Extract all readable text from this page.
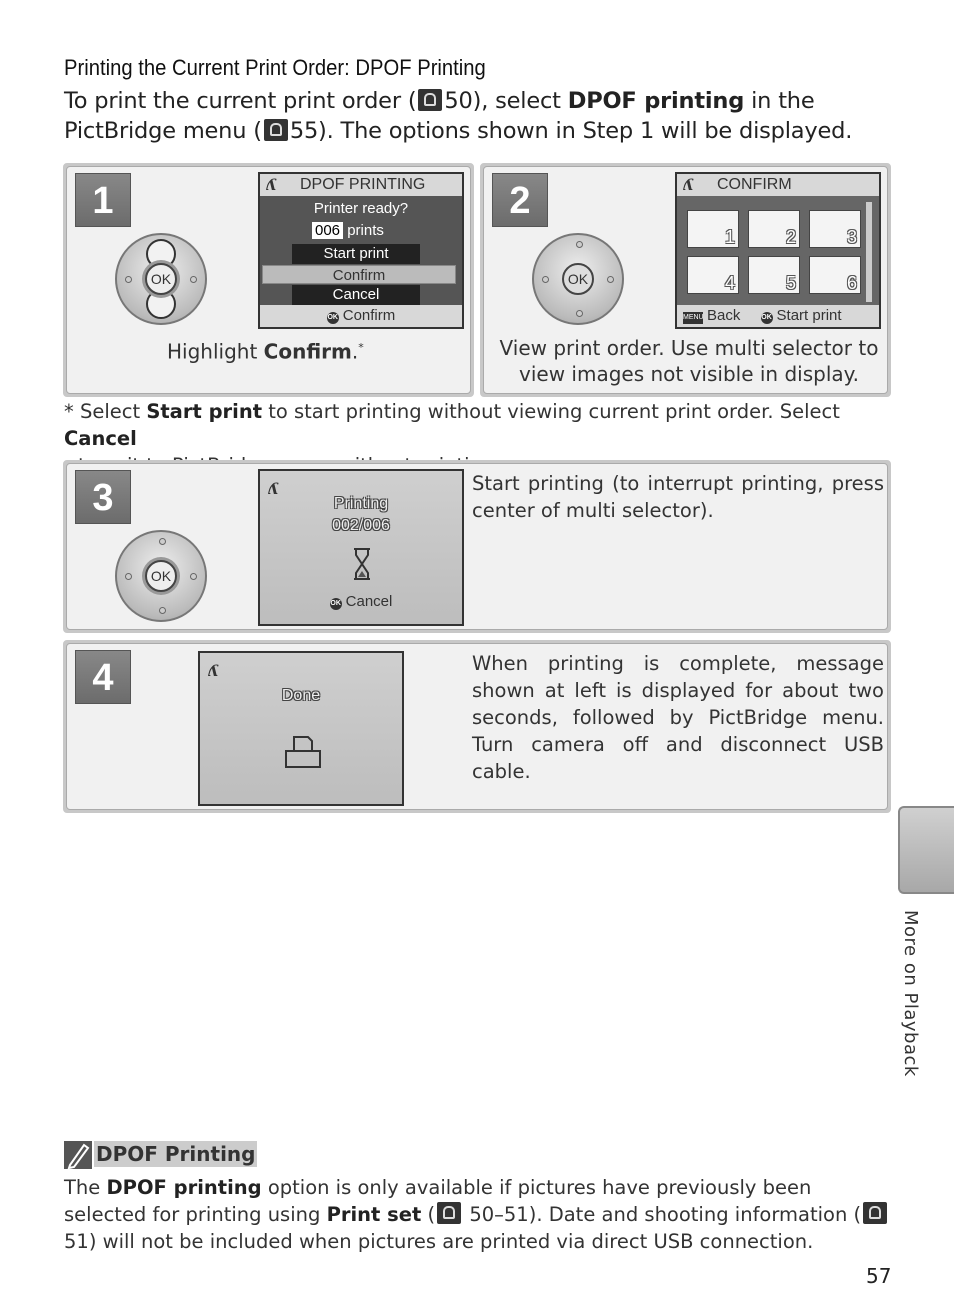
Printing the Current Print Order: DPOF Printing
To print the current print order ( 50), select DPOF printing in the PictBridge menu ( 55). The options shown in Step 1 will be displayed.
1
OK
ʎ DPOF PRINTING
Printer ready?
006 prints
Start print
Confirm
Cancel
OK Confirm
Highlight Confirm.*
2
OK
ʎ CONFIRM
1	2	3
4	5	6
MENU Back	OK Start print
View print order. Use multi selector to view images not visible in display.
* Select Start print to start printing without viewing current print order. Select Cancel

3
OK
ʎ
Printing
002/006
OK Cancel
Start printing (to interrupt printing, press center of multi selector).
4	ʎ
Done
When printing is complete, message shown at left is displayed for about two seconds, followed by PictBridge menu. Turn camera off and disconnect USB cable.
More on Playback
DPOF Printing
The DPOF printing option is only available if pictures have previously been selected for printing using Print set ( 50–51). Date and shooting information ( 51) will not be included when pictures are printed via direct USB connection.
57
